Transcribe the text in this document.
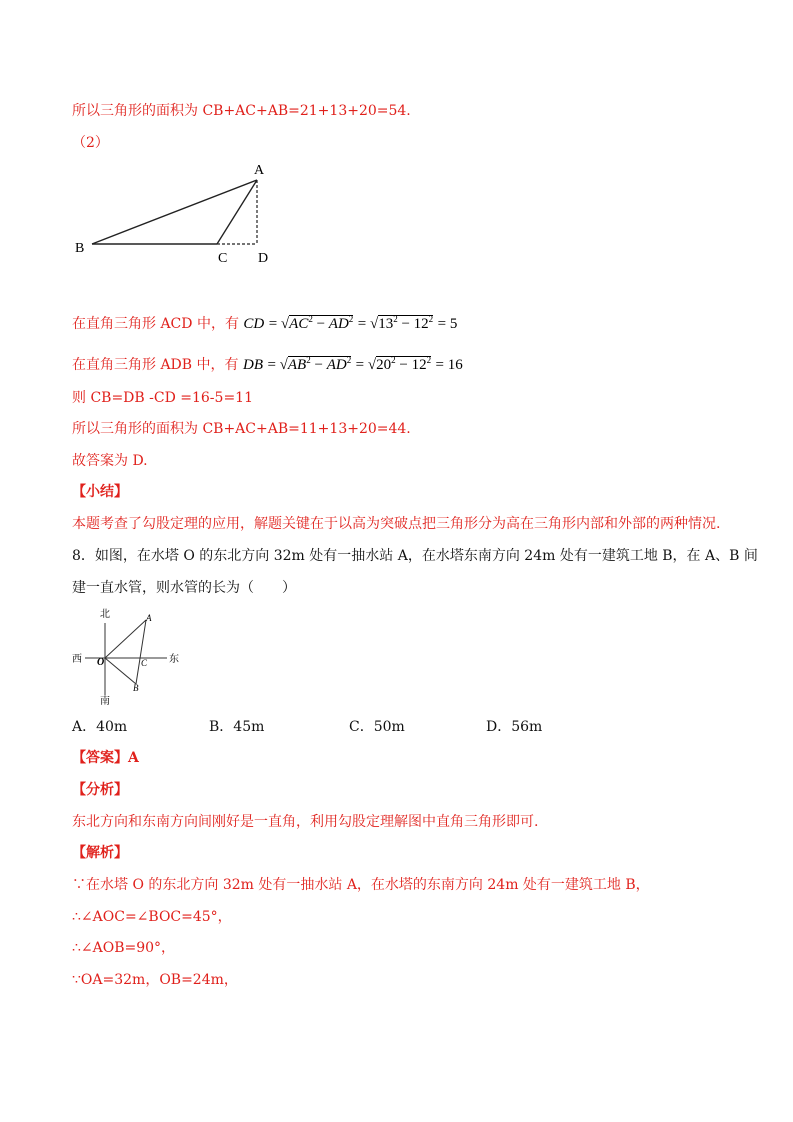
所以三角形的面积为 CB+AC+AB=21+13+20=54.
（2）
A
B
C D
在直角三角形 ACD 中，有 CD = $√AC^2 - AD^2 = √13^2 - 12^2 = 5$
在直角三角形 ADB 中，有 DB = $√AB^2 - AD^2 = √20^2 - 12^2 = 16$
则 CB=DB -CD =16-5=11
所以三角形的面积为 CB+AC+AB=11+13+20=44.
故答案为 D.
【小结】
本题考查了勾股定理的应用，解题关键在于以高为突破点把三角形分为高在三角形内部和外部的两种情况.
8．如图，在水塔 O 的东北方向 32m 处有一抽水站 A，在水塔东南方向 24m 处有一建筑工地 B，在 A、B 间
建一直水管，则水管的长为（　　）
北
南
西	东
O
A
B
C
A．40m	B．45m	C．50m	D．56m
【答案】A
【分析】
东北方向和东南方向间刚好是一直角，利用勾股定理解图中直角三角形即可.
【解析】
∵在水塔 O 的东北方向 32m 处有一抽水站 A，在水塔的东南方向 24m 处有一建筑工地 B，
∴∠AOC=∠BOC=45°，
∴∠AOB=90°，
∵OA=32m，OB=24m，
